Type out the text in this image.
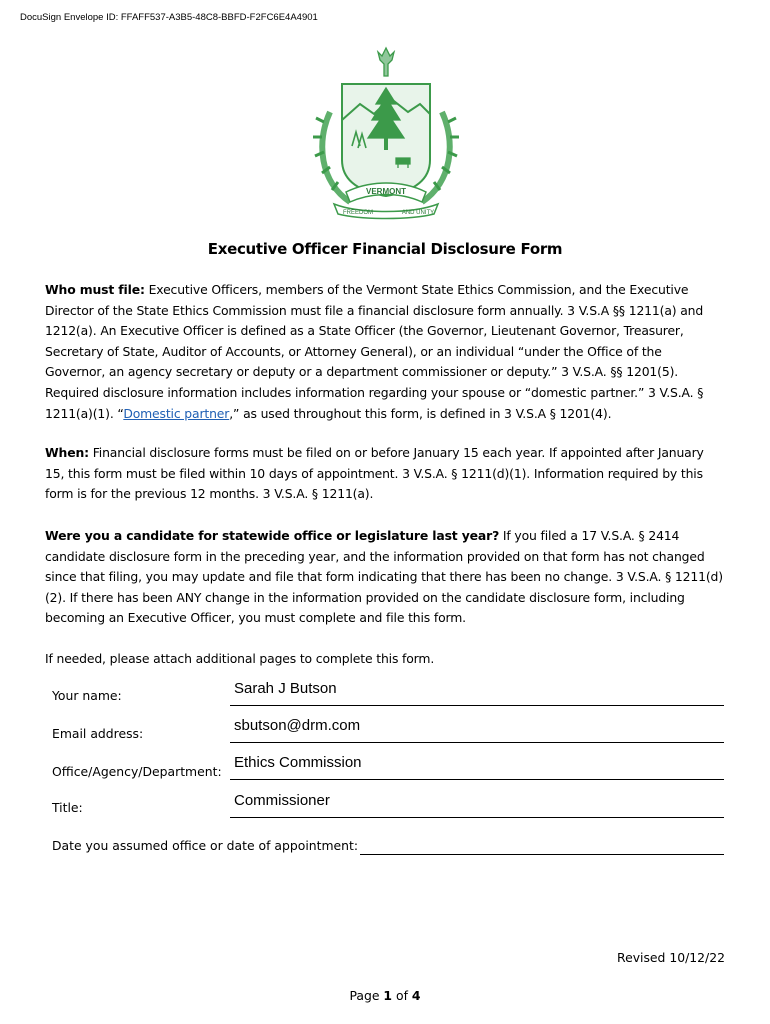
DocuSign Envelope ID: FFAFF537-A3B5-48C8-BBFD-F2FC6E4A4901
VERMONT
FREEDOM	AND UNITY
Executive Officer Financial Disclosure Form
Who must file: Executive Officers, members of the Vermont State Ethics Commission, and the Executive Director of the State Ethics Commission must file a financial disclosure form annually. 3 V.S.A §§ 1211(a) and 1212(a). An Executive Officer is defined as a State Officer (the Governor, Lieutenant Governor, Treasurer, Secretary of State, Auditor of Accounts, or Attorney General), or an individual “under the Office of the Governor, an agency secretary or deputy or a department commissioner or deputy.” 3 V.S.A. §§ 1201(5). Required disclosure information includes information regarding your spouse or “domestic partner.” 3 V.S.A. § 1211(a)(1). “Domestic partner,” as used throughout this form, is defined in 3 V.S.A § 1201(4).
When: Financial disclosure forms must be filed on or before January 15 each year. If appointed after January 15, this form must be filed within 10 days of appointment. 3 V.S.A. § 1211(d)(1). Information required by this form is for the previous 12 months. 3 V.S.A. § 1211(a).
Were you a candidate for statewide office or legislature last year? If you filed a 17 V.S.A. § 2414 candidate disclosure form in the preceding year, and the information provided on that form has not changed since that filing, you may update and file that form indicating that there has been no change. 3 V.S.A. § 1211(d)(2). If there has been ANY change in the information provided on the candidate disclosure form, including becoming an Executive Officer, you must complete and file this form.
If needed, please attach additional pages to complete this form.
Your name:	Sarah J Butson
Email address:	sbutson@drm.com
Office/Agency/Department:
Ethics Commission
Title:	Commissioner
Date you assumed office or date of appointment:
Revised 10/12/22
Page 1 of 4
